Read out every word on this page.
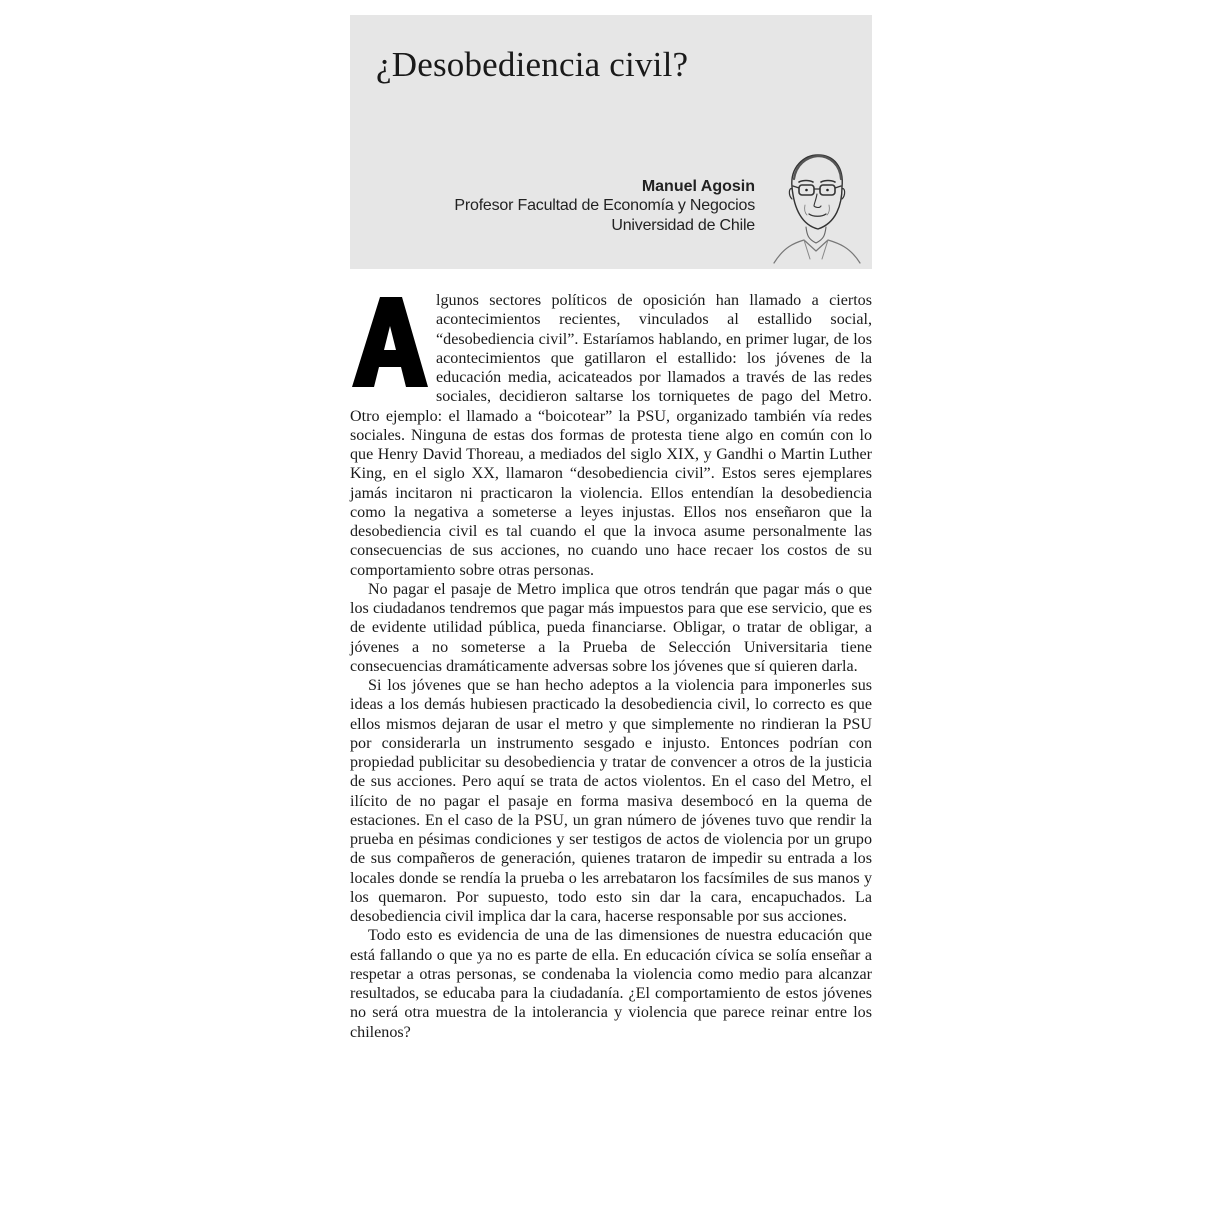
¿Desobediencia civil?
Manuel Agosin
Profesor Facultad de Economía y Negocios
Universidad de Chile

lgunos sectores políticos de oposición han llamado a ciertos acontecimientos recientes, vinculados al estallido social, “desobediencia civil”. Estaríamos hablando, en primer lugar, de los acontecimientos que gatillaron el estallido: los jóvenes de la educación media, acicateados por llamados a través de las redes sociales, decidieron saltarse los torniquetes de pago del Metro. Otro ejemplo: el llamado a “boicotear” la PSU, organizado también vía redes sociales. Ninguna de estas dos formas de protesta tiene algo en común con lo que Henry David Thoreau, a mediados del siglo XIX, y Gandhi o Martin Luther King, en el siglo XX, llamaron “desobediencia civil”. Estos seres ejemplares jamás incitaron ni practicaron la violencia. Ellos entendían la desobediencia como la negativa a someterse a leyes injustas. Ellos nos enseñaron que la desobediencia civil es tal cuando el que la invoca asume personalmente las consecuencias de sus acciones, no cuando uno hace recaer los costos de su comportamiento sobre otras personas.

No pagar el pasaje de Metro implica que otros tendrán que pagar más o que los ciudadanos tendremos que pagar más impuestos para que ese servicio, que es de evidente utilidad pública, pueda financiarse. Obligar, o tratar de obligar, a jóvenes a no someterse a la Prueba de Selección Universitaria tiene consecuencias dramáticamente adversas sobre los jóvenes que sí quieren darla.

Si los jóvenes que se han hecho adeptos a la violencia para imponerles sus ideas a los demás hubiesen practicado la desobediencia civil, lo correcto es que ellos mismos dejaran de usar el metro y que simplemente no rindieran la PSU por considerarla un instrumento sesgado e injusto. Entonces podrían con propiedad publicitar su desobediencia y tratar de convencer a otros de la justicia de sus acciones. Pero aquí se trata de actos violentos. En el caso del Metro, el ilícito de no pagar el pasaje en forma masiva desembocó en la quema de estaciones. En el caso de la PSU, un gran número de jóvenes tuvo que rendir la prueba en pésimas condiciones y ser testigos de actos de violencia por un grupo de sus compañeros de generación, quienes trataron de impedir su entrada a los locales donde se rendía la prueba o les arrebataron los facsímiles de sus manos y los quemaron. Por supuesto, todo esto sin dar la cara, encapuchados. La desobediencia civil implica dar la cara, hacerse responsable por sus acciones.

Todo esto es evidencia de una de las dimensiones de nuestra educación que está fallando o que ya no es parte de ella. En educación cívica se solía enseñar a respetar a otras personas, se condenaba la violencia como medio para alcanzar resultados, se educaba para la ciudadanía. ¿El comportamiento de estos jóvenes no será otra muestra de la intolerancia y violencia que parece reinar entre los chilenos?
